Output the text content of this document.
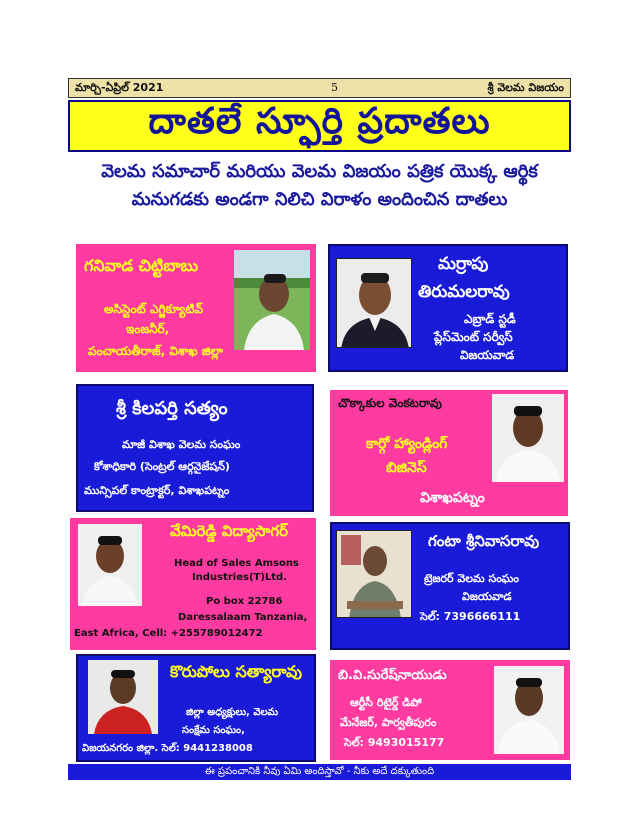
మార్చి-ఏప్రిల్ 2021	5	శ్రీ వెలమ విజయం
దాతలే స్ఫూర్తి ప్రదాతలు
వెలమ సమాచార్ మరియు వెలమ విజయం పత్రిక యొక్క ఆర్థిక
మనుగడకు అండగా నిలిచి విరాళం అందించిన దాతలు
గనివాడ చిట్టిబాబు
అసిస్టెంట్ ఎగ్జిక్యూటివ్
ఇంజనీర్,
పంచాయతీరాజ్, విశాఖ జిల్లా
మర్రాపు
తిరుమలరావు
ఎబ్రాడ్ స్టడీ
ప్లేస్‌మెంట్ సర్వీస్
విజయవాడ
శ్రీ కిలపర్తి సత్యం
మాజీ విశాఖ వెలమ సంఘం
కోశాధికారి (సెంట్రల్ ఆర్గనైజేషన్)
మున్సిపల్ కాంట్రాక్టర్, విశాఖపట్నం
చొక్కాకుల వెంకటరావు
కార్గో హ్యాండ్లింగ్
బిజినెస్
విశాఖపట్నం
వేమిరెడ్డి విద్యాసాగర్
Head of Sales Amsons
Industries(T)Ltd.
Po box 22786
Daressalaam Tanzania,
East Africa, Cell: +255789012472
గంటా శ్రీనివాసరావు
ట్రెజరర్ వెలమ సంఘం
విజయవాడ
సెల్: 7396666111
కొరుపోలు సత్యారావు
జిల్లా అధ్యక్షులు, వెలమ
సంక్షేమ సంఘం,
విజయనగరం జిల్లా. సెల్: 9441238008
బి.వి.సురేష్‌నాయుడు
ఆర్టీసీ రిటైర్డ్ డిపో
మేనేజర్, పార్వతీపురం
సెల్: 9493015177
ఈ ప్రపంచానికి నీవు ఏమి అందిస్తావో - నీకు అదే దక్కుతుంది
